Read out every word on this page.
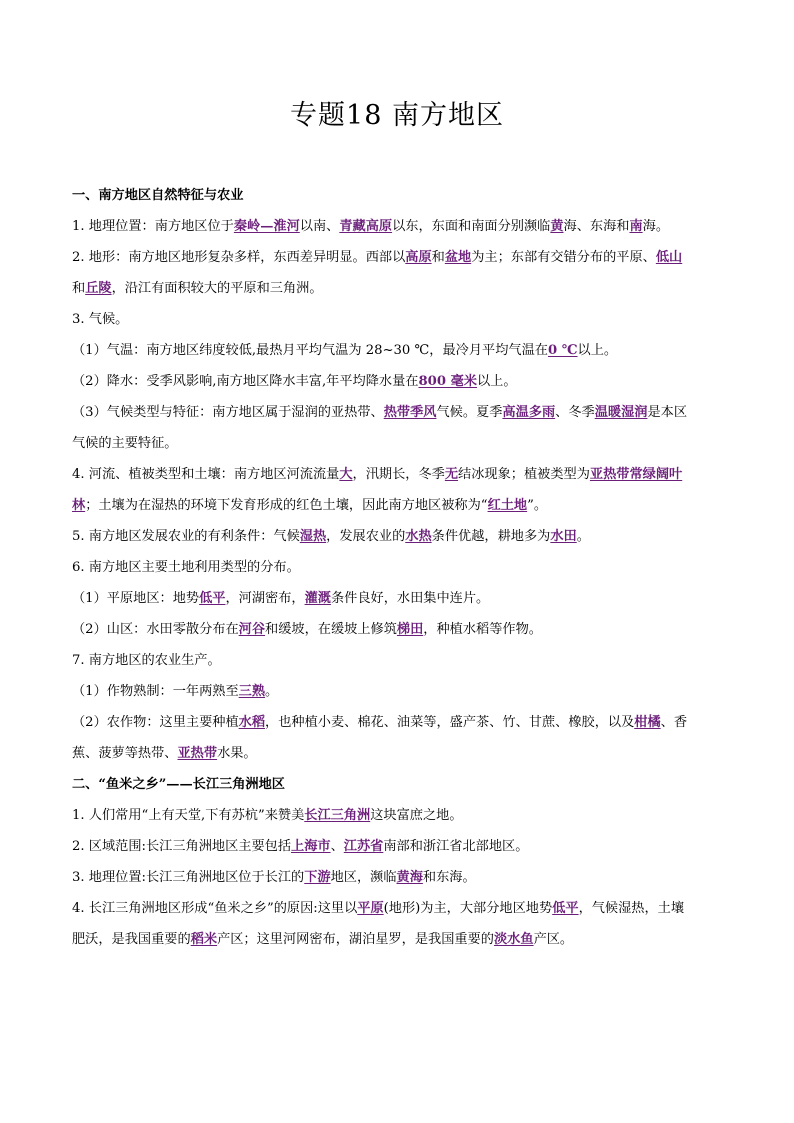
专题18 南方地区
一、南方地区自然特征与农业
1. 地理位置：南方地区位于秦岭—淮河以南、青藏高原以东，东面和南面分别濒临黄海、东海和南海。
2. 地形：南方地区地形复杂多样，东西差异明显。西部以高原和盆地为主；东部有交错分布的平原、低山
和丘陵，沿江有面积较大的平原和三角洲。
3. 气候。
（1）气温：南方地区纬度较低,最热月平均气温为 28~30 ℃，最冷月平均气温在0 ℃以上。
（2）降水：受季风影响,南方地区降水丰富,年平均降水量在800 毫米以上。
（3）气候类型与特征：南方地区属于湿润的亚热带、热带季风气候。夏季高温多雨、冬季温暖湿润是本区
气候的主要特征。
4. 河流、植被类型和土壤：南方地区河流流量大，汛期长，冬季无结冰现象；植被类型为亚热带常绿阔叶
林；土壤为在湿热的环境下发育形成的红色土壤，因此南方地区被称为“红土地”。
5. 南方地区发展农业的有利条件：气候湿热，发展农业的水热条件优越，耕地多为水田。
6. 南方地区主要土地利用类型的分布。
（1）平原地区：地势低平，河湖密布，灌溉条件良好，水田集中连片。
（2）山区：水田零散分布在河谷和缓坡，在缓坡上修筑梯田，种植水稻等作物。
7. 南方地区的农业生产。
（1）作物熟制：一年两熟至三熟。
（2）农作物：这里主要种植水稻，也种植小麦、棉花、油菜等，盛产茶、竹、甘蔗、橡胶，以及柑橘、香
蕉、菠萝等热带、亚热带水果。
二、“鱼米之乡”——长江三角洲地区
1. 人们常用“上有天堂,下有苏杭”来赞美长江三角洲这块富庶之地。
2. 区域范围:长江三角洲地区主要包括上海市、江苏省南部和浙江省北部地区。
3. 地理位置:长江三角洲地区位于长江的下游地区，濒临黄海和东海。
4. 长江三角洲地区形成“鱼米之乡”的原因:这里以平原(地形)为主，大部分地区地势低平，气候湿热，土壤
肥沃，是我国重要的稻米产区；这里河网密布，湖泊星罗，是我国重要的淡水鱼产区。
